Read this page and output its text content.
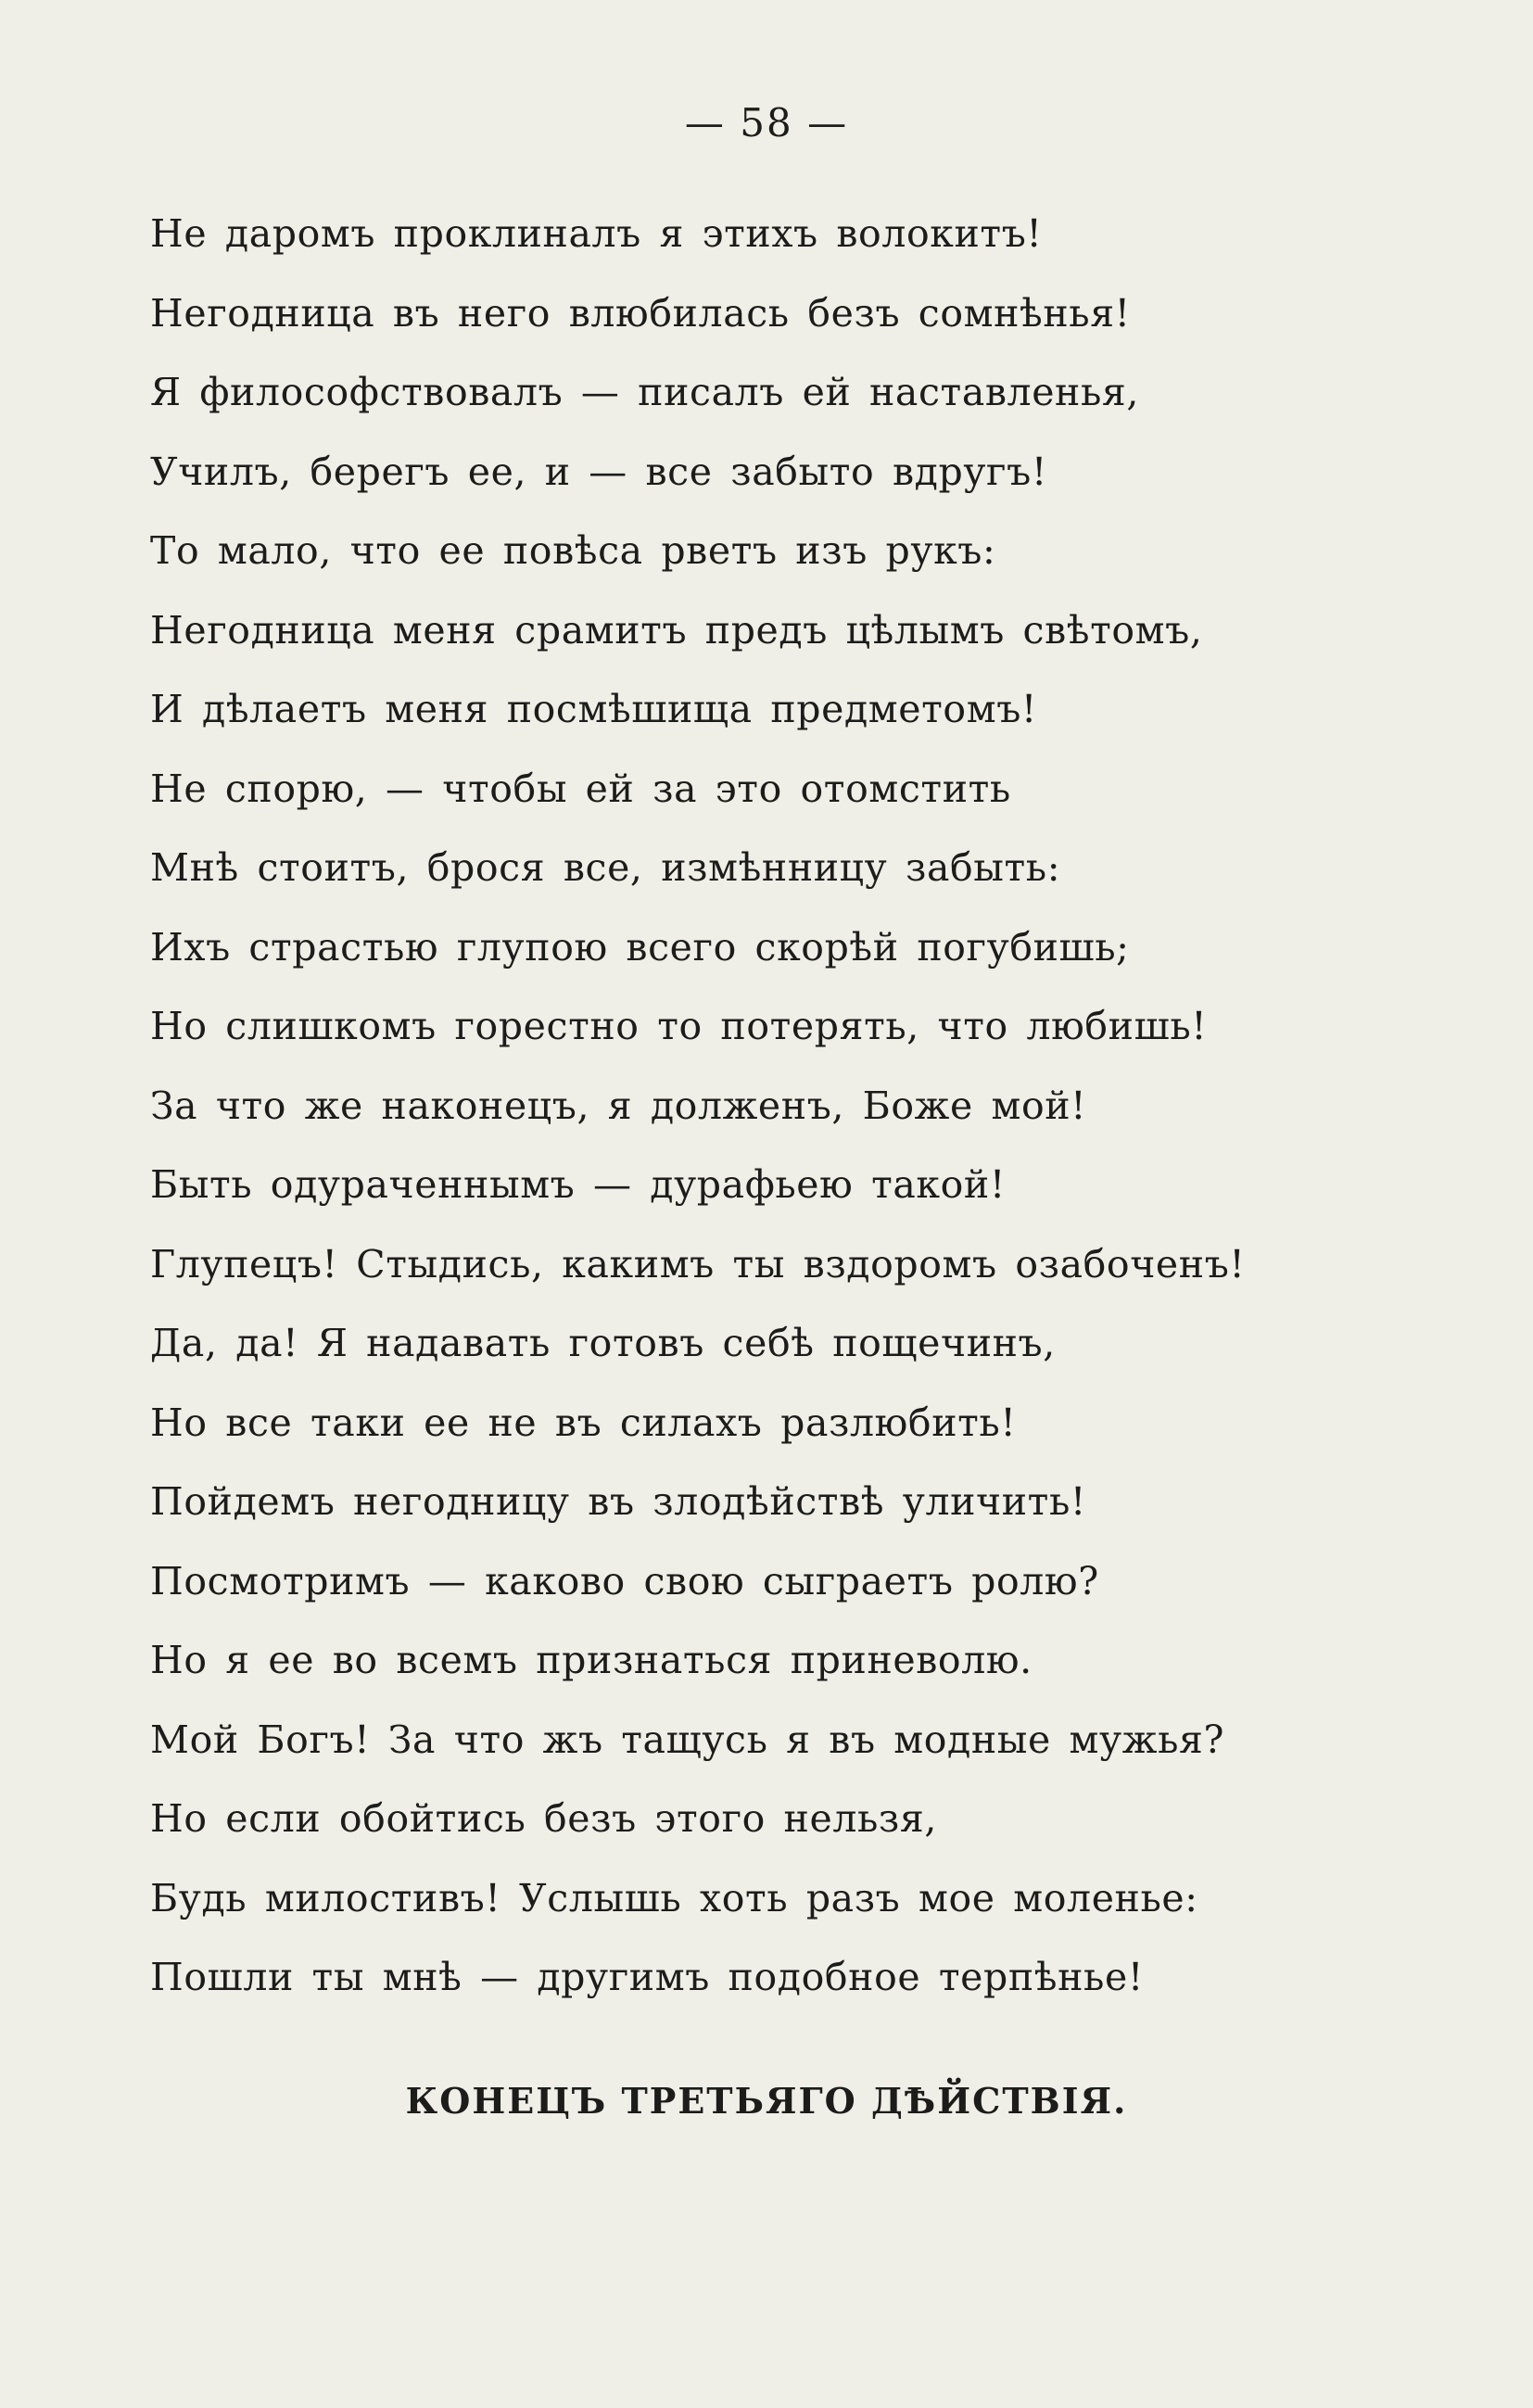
— 58 —
Не даромъ проклиналъ я этихъ волокитъ!
Негодница въ него влюбилась безъ сомнѣнья!
Я философствовалъ — писалъ ей наставленья,
Училъ, берегъ ее, и — все забыто вдругъ!
То мало, что ее повѣса рветъ изъ рукъ:
Негодница меня срамитъ предъ цѣлымъ свѣтомъ,
И дѣлаетъ меня посмѣшища предметомъ!
Не спорю, — чтобы ей за это отомстить
Мнѣ стоитъ, брося все, измѣнницу забыть:
Ихъ страстью глупою всего скорѣй погубишь;
Но слишкомъ горестно то потерять, что любишь!
За что же наконецъ, я долженъ, Боже мой!
Быть одураченнымъ — дурафьею такой!
Глупецъ! Стыдись, какимъ ты вздоромъ озабоченъ!
Да, да! Я надавать готовъ себѣ пощечинъ,
Но все таки ее не въ силахъ разлюбить!
Пойдемъ негодницу въ злодѣйствѣ уличить!
Посмотримъ — каково свою сыграетъ ролю?
Но я ее во всемъ признаться приневолю.
Мой Богъ! За что жъ тащусь я въ модные мужья?
Но если обойтись безъ этого нельзя,
Будь милостивъ! Услышь хоть разъ мое моленье:
Пошли ты мнѣ — другимъ подобное терпѣнье!
КОНЕЦЪ ТРЕТЬЯГО ДѢЙСТВІЯ.
